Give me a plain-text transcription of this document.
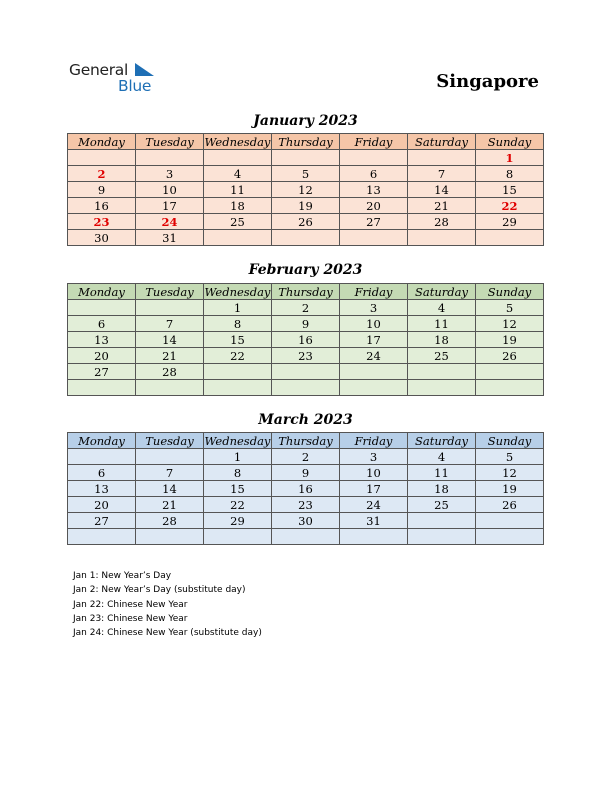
General
Blue	Singapore
January 2023
Monday	Tuesday	Wednesday	Thursday	Friday	Saturday	Sunday
						1
2	3	4	5	6	7	8
9	10	11	12	13	14	15
16	17	18	19	20	21	22
23	24	25	26	27	28	29
30	31					
February 2023
Monday	Tuesday	Wednesday	Thursday	Friday	Saturday	Sunday
		1	2	3	4	5
6	7	8	9	10	11	12
13	14	15	16	17	18	19
20	21	22	23	24	25	26
27	28					

March 2023
Monday	Tuesday	Wednesday	Thursday	Friday	Saturday	Sunday
		1	2	3	4	5
6	7	8	9	10	11	12
13	14	15	16	17	18	19
20	21	22	23	24	25	26
27	28	29	30	31		

Jan 1: New Year’s Day
Jan 2: New Year’s Day (substitute day)
Jan 22: Chinese New Year
Jan 23: Chinese New Year
Jan 24: Chinese New Year (substitute day)
